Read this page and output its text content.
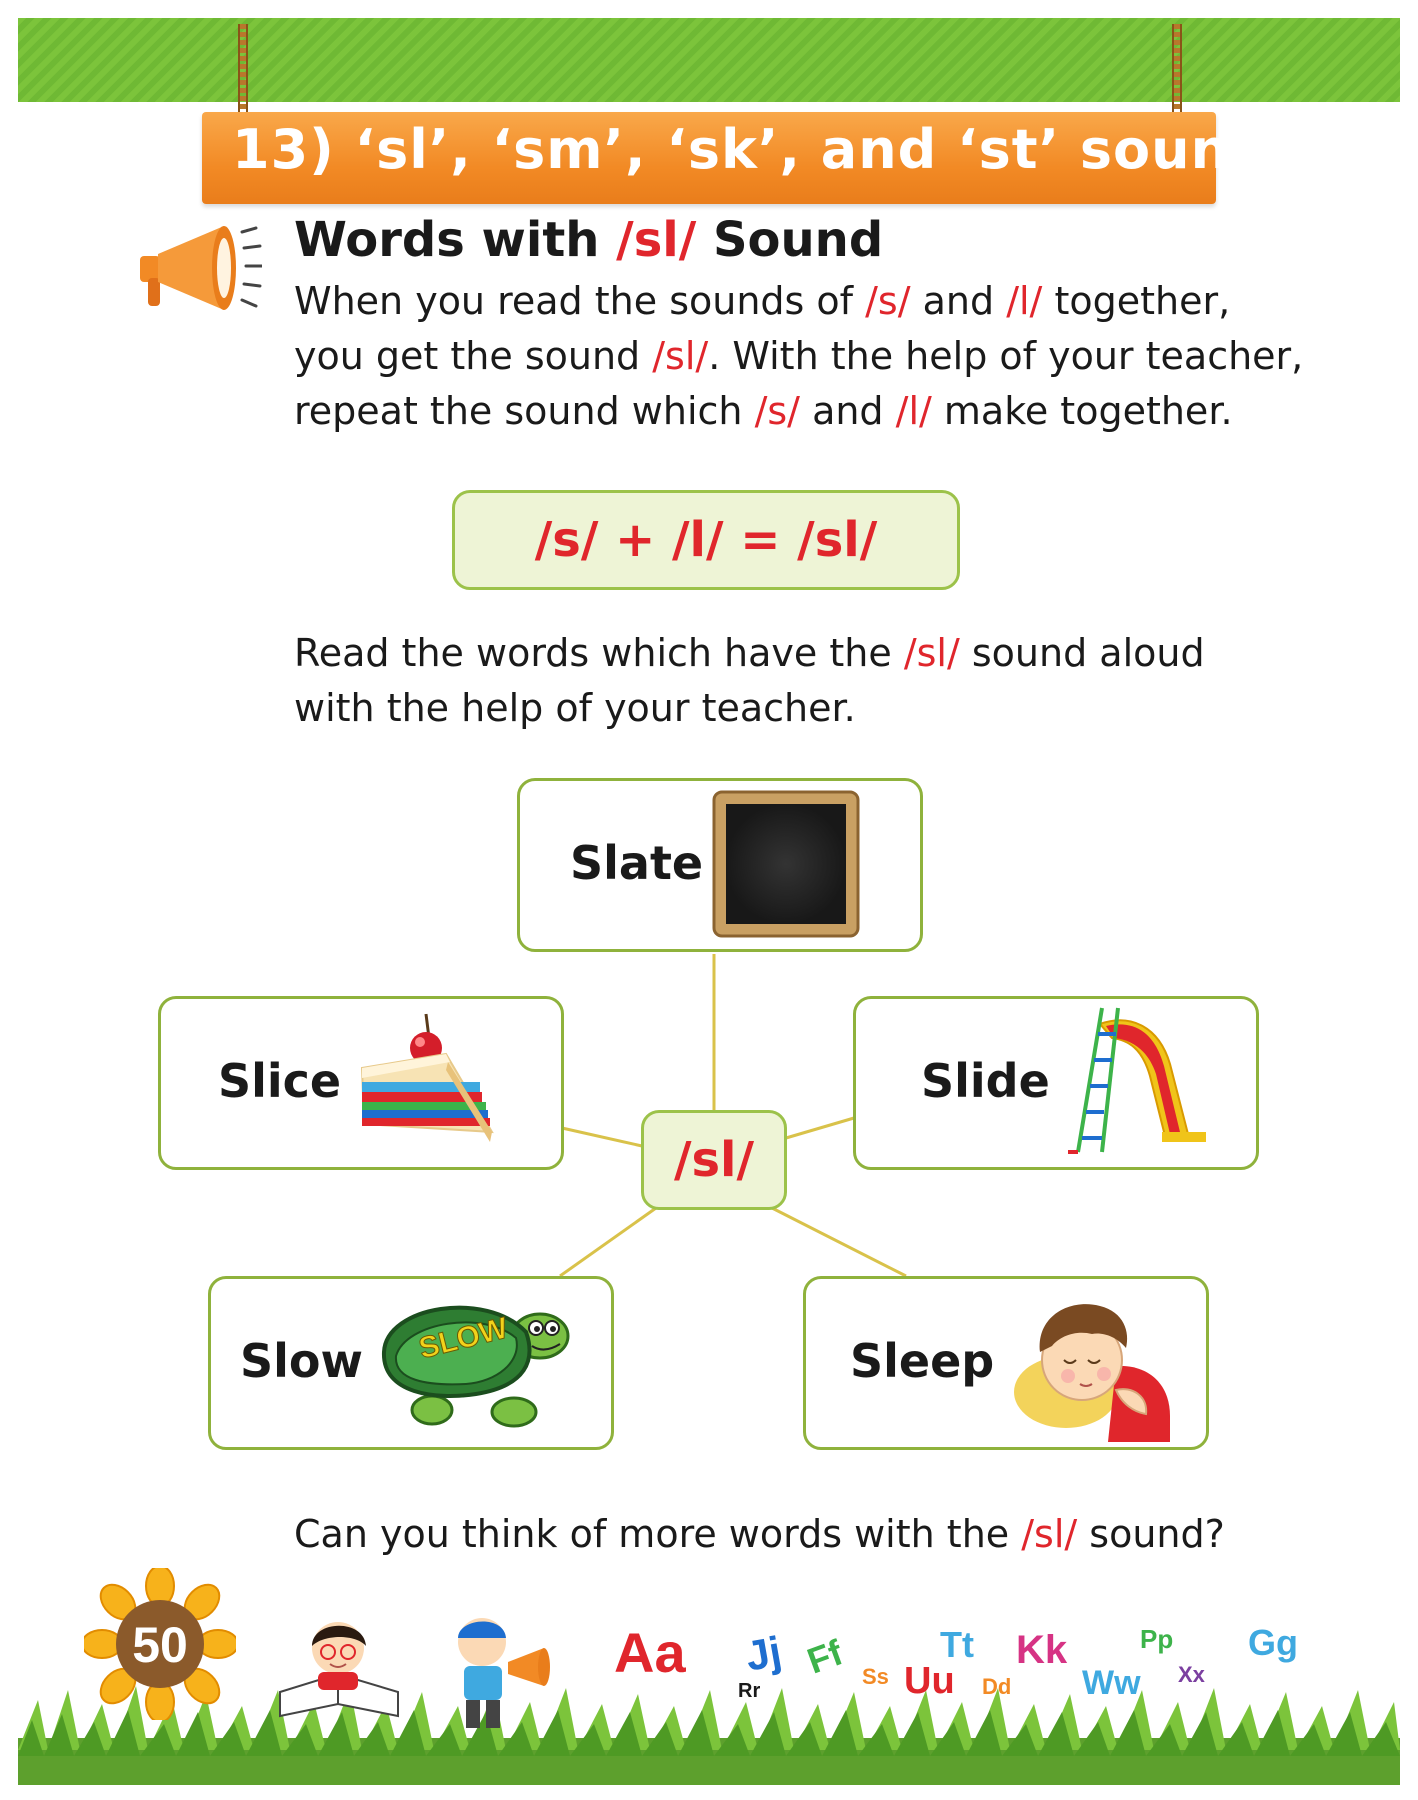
13) ‘sl’, ‘sm’, ‘sk’, and ‘st’ sounds
Words with /sl/ Sound
When you read the sounds of /s/ and /l/ together,
you get the sound /sl/. With the help of your teacher,
repeat the sound which /s/ and /l/ make together.
/s/ + /l/ = /sl/
Read the words which have the /sl/ sound aloud
with the help of your teacher.
Slate
Slice	Slide
/sl/
Slow SLOW	Sleep
Can you think of more words with the /sl/ sound?
50	Aa Jj Ff Ss
Rr	Uu
Tt
Dd
Kk
Ww
Pp
Xx
Gg
